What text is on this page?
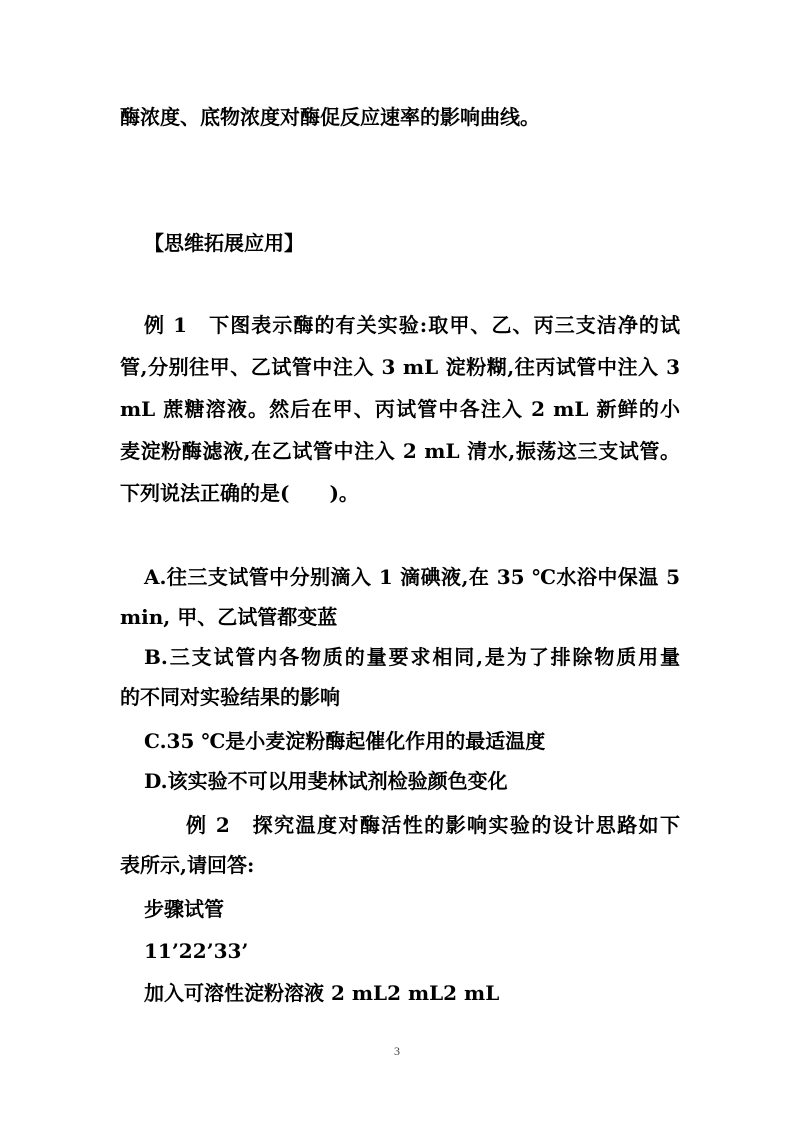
酶浓度、底物浓度对酶促反应速率的影响曲线。
【思维拓展应用】
例 1　下图表示酶的有关实验:取甲、乙、丙三支洁净的试
管,分别往甲、乙试管中注入 3 mL 淀粉糊,往丙试管中注入 3
mL 蔗糖溶液。然后在甲、丙试管中各注入 2 mL 新鲜的小
麦淀粉酶滤液,在乙试管中注入 2 mL 清水,振荡这三支试管。
下列说法正确的是(　　)。
A.往三支试管中分别滴入 1 滴碘液,在 35 ℃水浴中保温 5
min, 甲、乙试管都变蓝
B.三支试管内各物质的量要求相同,是为了排除物质用量
的不同对实验结果的影响
C.35 ℃是小麦淀粉酶起催化作用的最适温度
D.该实验不可以用斐林试剂检验颜色变化
例 2　探究温度对酶活性的影响实验的设计思路如下
表所示,请回答:
步骤试管
11’22’33’
加入可溶性淀粉溶液 2 mL2 mL2 mL
3
